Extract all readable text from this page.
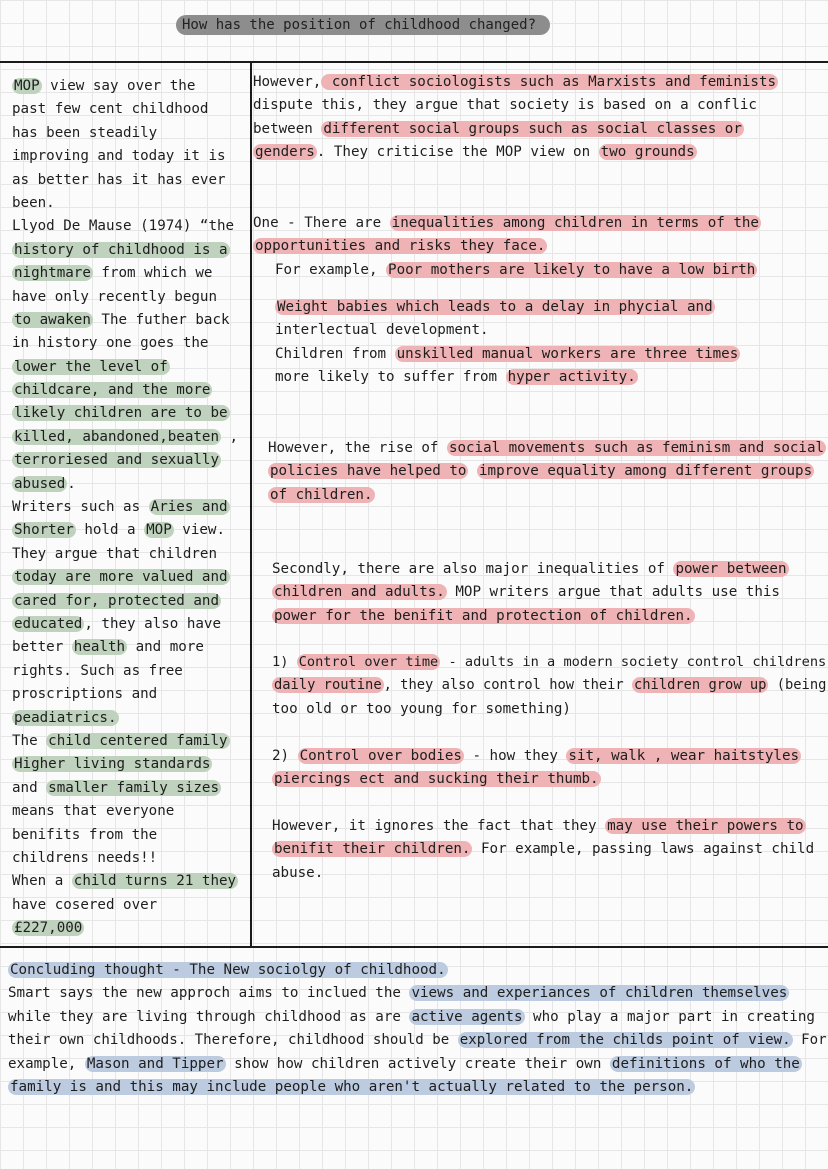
How has the position of childhood changed?
MOP view say over the
past few cent childhood
has been steadily
improving and today it is
as better has it has ever
been.
Llyod De Mause (1974) “the
history of childhood is a
nightmare from which we
have only recently begun
to awaken The futher back
in history one goes the
lower the level of
childcare, and the more
likely children are to be
killed, abandoned,beaten ,
terroriesed and sexually
abused .
Writers such as Aries and
Shorter hold a MOP view.
They argue that children
today are more valued and
cared for, protected and
educated , they also have
better health and more
rights. Such as free
proscriptions and
peadiatrics.
The child centered family
Higher living standards
and smaller family sizes
means that everyone
benifits from the
childrens needs!!
When a child turns 21 they
have cosered over
£227,000
However, conflict sociologists such as Marxists and feminists
dispute this, they argue that society is based on a conflic
between different social groups such as social classes or
genders . They criticise the MOP view on two grounds
One - There are inequalities among children in terms of the
opportunities and risks they face.
For example, Poor mothers are likely to have a low birth
Weight babies which leads to a delay in phycial and
interlectual development.
Children from unskilled manual workers are three times
more likely to suffer from hyper activity.
However, the rise of social movements such as feminism and social
policies have helped to improve equality among different groups
of children.
Secondly, there are also major inequalities of power between
children and adults. MOP writers argue that adults use this
power for the benifit and protection of children.
1) Control over time - adults in a modern society control childrens
daily routine , they also control how their children grow up (being
too old or too young for something)
2) Control over bodies - how they sit, walk , wear haitstyles
piercings ect and sucking their thumb.
However, it ignores the fact that they may use their powers to
benifit their children. For example, passing laws against child
abuse.
Concluding thought - The New sociolgy of childhood.
Smart says the new approch aims to inclued the views and experiances of children themselves
while they are living through childhood as are active agents who play a major part in creating
their own childhoods. Therefore, childhood should be explored from the childs point of view. For
example, Mason and Tipper show how children actively create their own definitions of who the
family is and this may include people who aren't actually related to the person.
